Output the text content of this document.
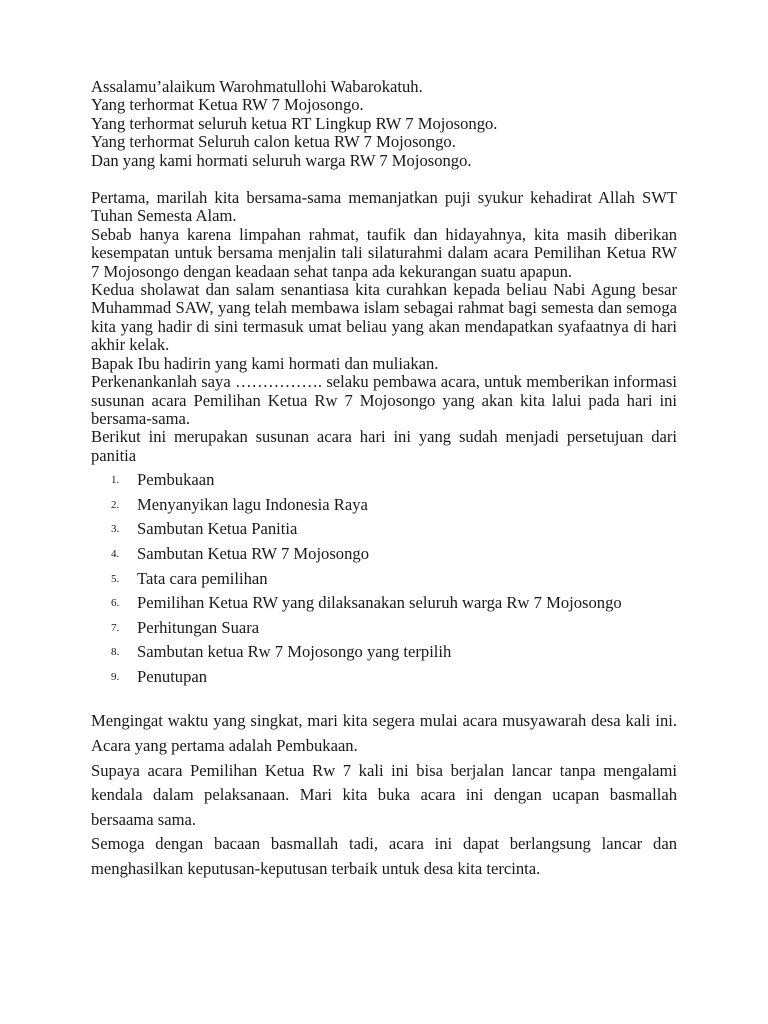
Assalamu’alaikum Warohmatullohi Wabarokatuh.

Yang terhormat Ketua RW 7 Mojosongo.

Yang terhormat seluruh ketua RT Lingkup RW 7 Mojosongo.

Yang terhormat Seluruh calon ketua RW 7 Mojosongo.

Dan yang kami hormati seluruh warga RW 7 Mojosongo.

Pertama, marilah kita bersama-sama memanjatkan puji syukur kehadirat Allah SWT Tuhan Semesta Alam.

Sebab hanya karena limpahan rahmat, taufik dan hidayahnya, kita masih diberikan kesempatan untuk bersama menjalin tali silaturahmi dalam acara Pemilihan Ketua RW 7 Mojosongo dengan keadaan sehat tanpa ada kekurangan suatu apapun.

Kedua sholawat dan salam senantiasa kita curahkan kepada beliau Nabi Agung besar Muhammad SAW, yang telah membawa islam sebagai rahmat bagi semesta dan semoga kita yang hadir di sini termasuk umat beliau yang akan mendapatkan syafaatnya di hari akhir kelak.

Bapak Ibu hadirin yang kami hormati dan muliakan.

Perkenankanlah saya ……………. selaku pembawa acara, untuk memberikan informasi susunan acara Pemilihan Ketua Rw 7 Mojosongo yang akan kita lalui pada hari ini bersama-sama.

Berikut ini merupakan susunan acara hari ini yang sudah menjadi persetujuan dari panitia

1. Pembukaan
2. Menyanyikan lagu Indonesia Raya
3. Sambutan Ketua Panitia
4. Sambutan Ketua RW 7 Mojosongo
5. Tata cara pemilihan
6. Pemilihan Ketua RW yang dilaksanakan seluruh warga Rw 7 Mojosongo
7. Perhitungan Suara
8. Sambutan ketua Rw 7 Mojosongo yang terpilih
9. Penutupan

Mengingat waktu yang singkat, mari kita segera mulai acara musyawarah desa kali ini. Acara yang pertama adalah Pembukaan.

Supaya acara Pemilihan Ketua Rw 7 kali ini bisa berjalan lancar tanpa mengalami kendala dalam pelaksanaan. Mari kita buka acara ini dengan ucapan basmallah bersaama sama.

Semoga dengan bacaan basmallah tadi, acara ini dapat berlangsung lancar dan menghasilkan keputusan-keputusan terbaik untuk desa kita tercinta.
